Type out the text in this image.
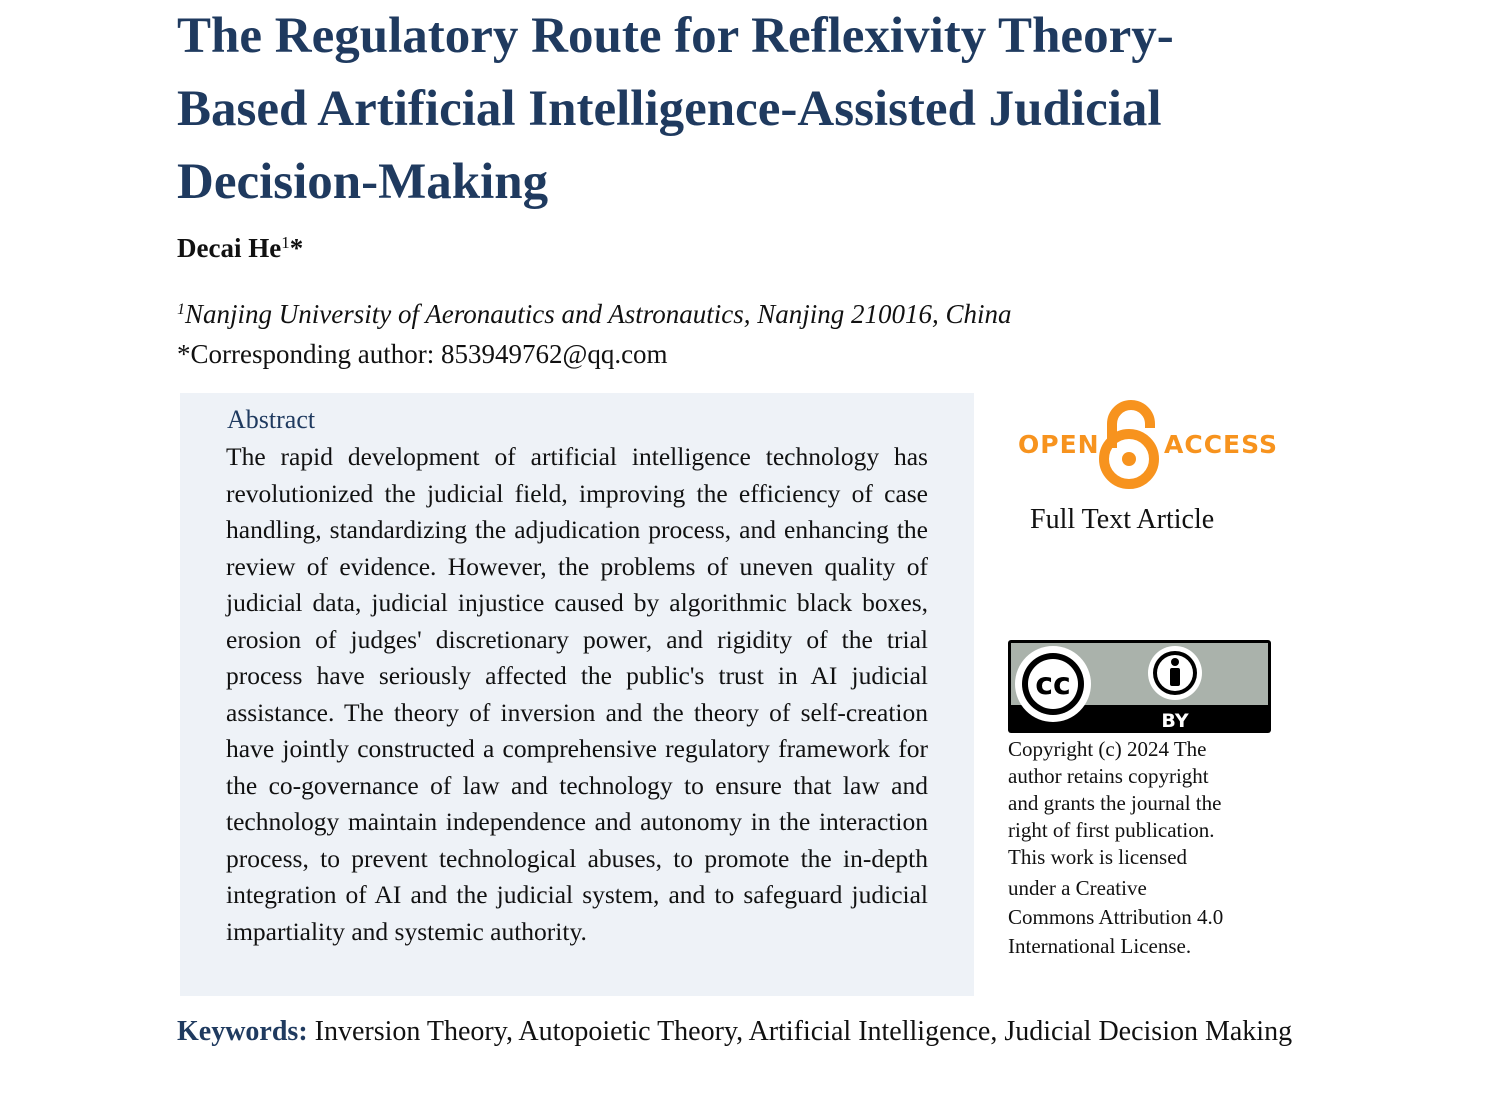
The Regulatory Route for Reflexivity Theory-
Based Artificial Intelligence-Assisted Judicial
Decision-Making
Decai He$^1$*
$^1$Nanjing University of Aeronautics and Astronautics, Nanjing 210016, China
*Corresponding author: 853949762@qq.com
Abstract

The rapid development of artificial intelligence technology has revolutionized the judicial field, improving the efficiency of case handling, standardizing the adjudication process, and enhancing the review of evidence. However, the problems of uneven quality of judicial data, judicial injustice caused by algorithmic black boxes, erosion of judges' discretionary power, and rigidity of the trial process have seriously affected the public's trust in AI judicial assistance. The theory of inversion and the theory of self-creation have jointly constructed a comprehensive regulatory framework for the co-governance of law and technology to ensure that law and technology maintain independence and autonomy in the interaction process, to prevent technological abuses, to promote the in-depth integration of AI and the judicial system, and to safeguard judicial impartiality and systemic authority.

OPEN	ACCESS
Full Text Article
cc
BY
Copyright (c) 2024 The
author retains copyright
and grants the journal the
right of first publication.
This work is licensed
under a Creative
Commons Attribution 4.0
International License.

Keywords: Inversion Theory, Autopoietic Theory, Artificial Intelligence, Judicial Decision Making
